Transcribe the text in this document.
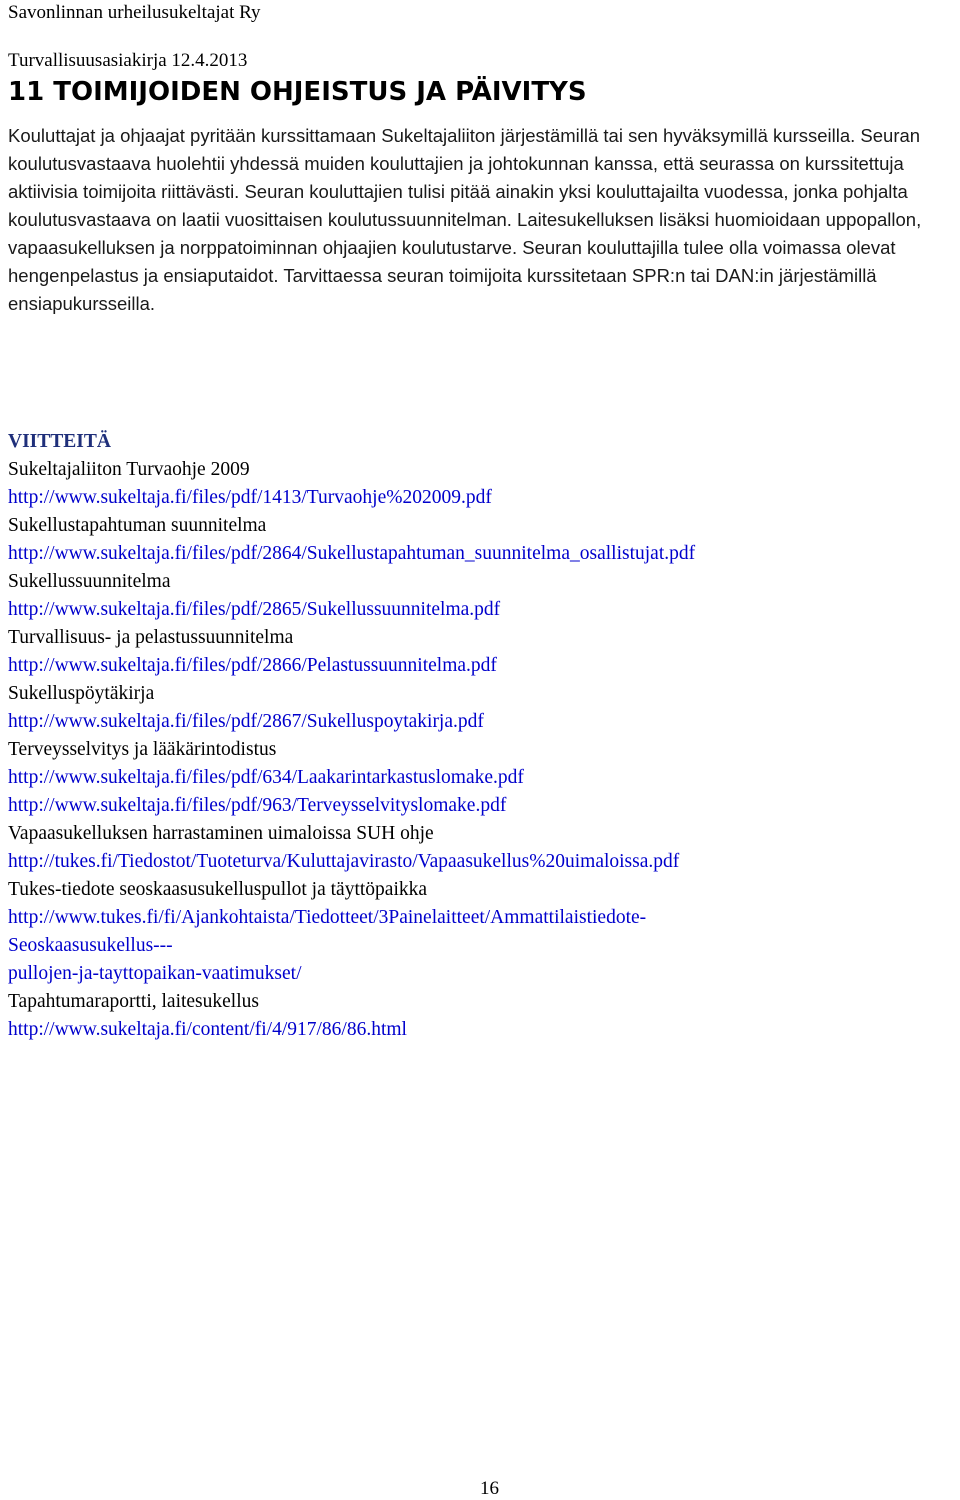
Savonlinnan urheilusukeltajat Ry
Turvallisuusasiakirja 12.4.2013
11 TOIMIJOIDEN OHJEISTUS JA PÄIVITYS
Kouluttajat ja ohjaajat pyritään kurssittamaan Sukeltajaliiton järjestämillä tai sen hyväksymillä kursseilla. Seuran koulutusvastaava huolehtii yhdessä muiden kouluttajien ja johtokunnan kanssa, että seurassa on kurssitettuja aktiivisia toimijoita riittävästi. Seuran kouluttajien tulisi pitää ainakin yksi kouluttajailta vuodessa, jonka pohjalta koulutusvastaava on laatii vuosittaisen koulutussuunnitelman. Laitesukelluksen lisäksi huomioidaan uppopallon, vapaasukelluksen ja norppatoiminnan ohjaajien koulutustarve. Seuran kouluttajilla tulee olla voimassa olevat hengenpelastus ja ensiaputaidot. Tarvittaessa seuran toimijoita kurssitetaan SPR:n tai DAN:in järjestämillä ensiapukursseilla.
VIITTEITÄ
Sukeltajaliiton Turvaohje 2009
http://www.sukeltaja.fi/files/pdf/1413/Turvaohje%202009.pdf
Sukellustapahtuman suunnitelma
http://www.sukeltaja.fi/files/pdf/2864/Sukellustapahtuman_suunnitelma_osallistujat.pdf
Sukellussuunnitelma
http://www.sukeltaja.fi/files/pdf/2865/Sukellussuunnitelma.pdf
Turvallisuus- ja pelastussuunnitelma
http://www.sukeltaja.fi/files/pdf/2866/Pelastussuunnitelma.pdf
Sukelluspöytäkirja
http://www.sukeltaja.fi/files/pdf/2867/Sukelluspoytakirja.pdf
Terveysselvitys ja lääkärintodistus
http://www.sukeltaja.fi/files/pdf/634/Laakarintarkastuslomake.pdf
http://www.sukeltaja.fi/files/pdf/963/Terveysselvityslomake.pdf
Vapaasukelluksen harrastaminen uimaloissa SUH ohje
http://tukes.fi/Tiedostot/Tuoteturva/Kuluttajavirasto/Vapaasukellus%20uimaloissa.pdf
Tukes-tiedote seoskaasusukelluspullot ja täyttöpaikka
http://www.tukes.fi/fi/Ajankohtaista/Tiedotteet/3Painelaitteet/Ammattilaistiedote-
Seoskaasusukellus---
pullojen-ja-tayttopaikan-vaatimukset/
Tapahtumaraportti, laitesukellus
http://www.sukeltaja.fi/content/fi/4/917/86/86.html
16
